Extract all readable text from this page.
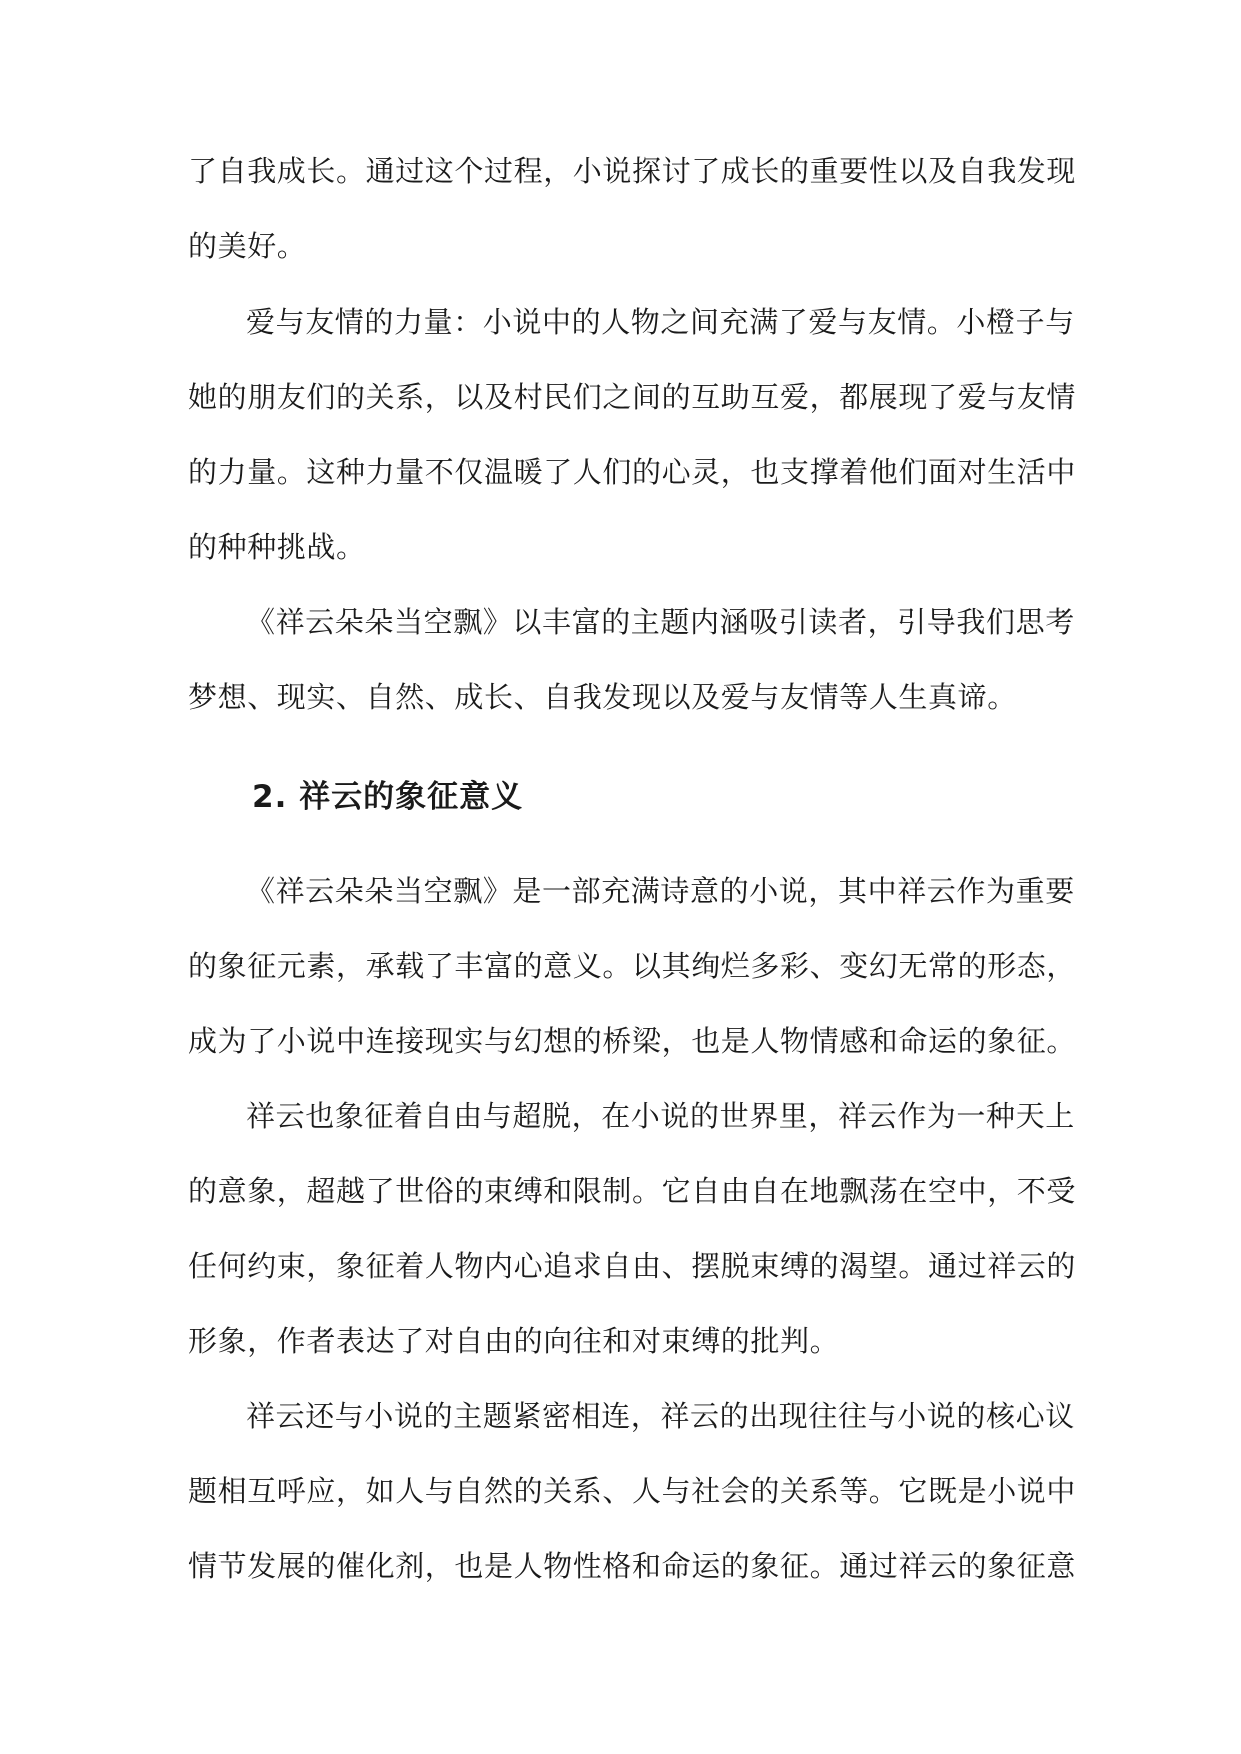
了自我成长。通过这个过程，小说探讨了成长的重要性以及自我发现
的美好。
爱与友情的力量：小说中的人物之间充满了爱与友情。小橙子与
她的朋友们的关系，以及村民们之间的互助互爱，都展现了爱与友情
的力量。这种力量不仅温暖了人们的心灵，也支撑着他们面对生活中
的种种挑战。
《祥云朵朵当空飘》以丰富的主题内涵吸引读者，引导我们思考
梦想、现实、自然、成长、自我发现以及爱与友情等人生真谛。
2. 祥云的象征意义
《祥云朵朵当空飘》是一部充满诗意的小说，其中祥云作为重要
的象征元素，承载了丰富的意义。以其绚烂多彩、变幻无常的形态，
成为了小说中连接现实与幻想的桥梁，也是人物情感和命运的象征。
祥云也象征着自由与超脱，在小说的世界里，祥云作为一种天上
的意象，超越了世俗的束缚和限制。它自由自在地飘荡在空中，不受
任何约束，象征着人物内心追求自由、摆脱束缚的渴望。通过祥云的
形象，作者表达了对自由的向往和对束缚的批判。
祥云还与小说的主题紧密相连，祥云的出现往往与小说的核心议
题相互呼应，如人与自然的关系、人与社会的关系等。它既是小说中
情节发展的催化剂，也是人物性格和命运的象征。通过祥云的象征意
